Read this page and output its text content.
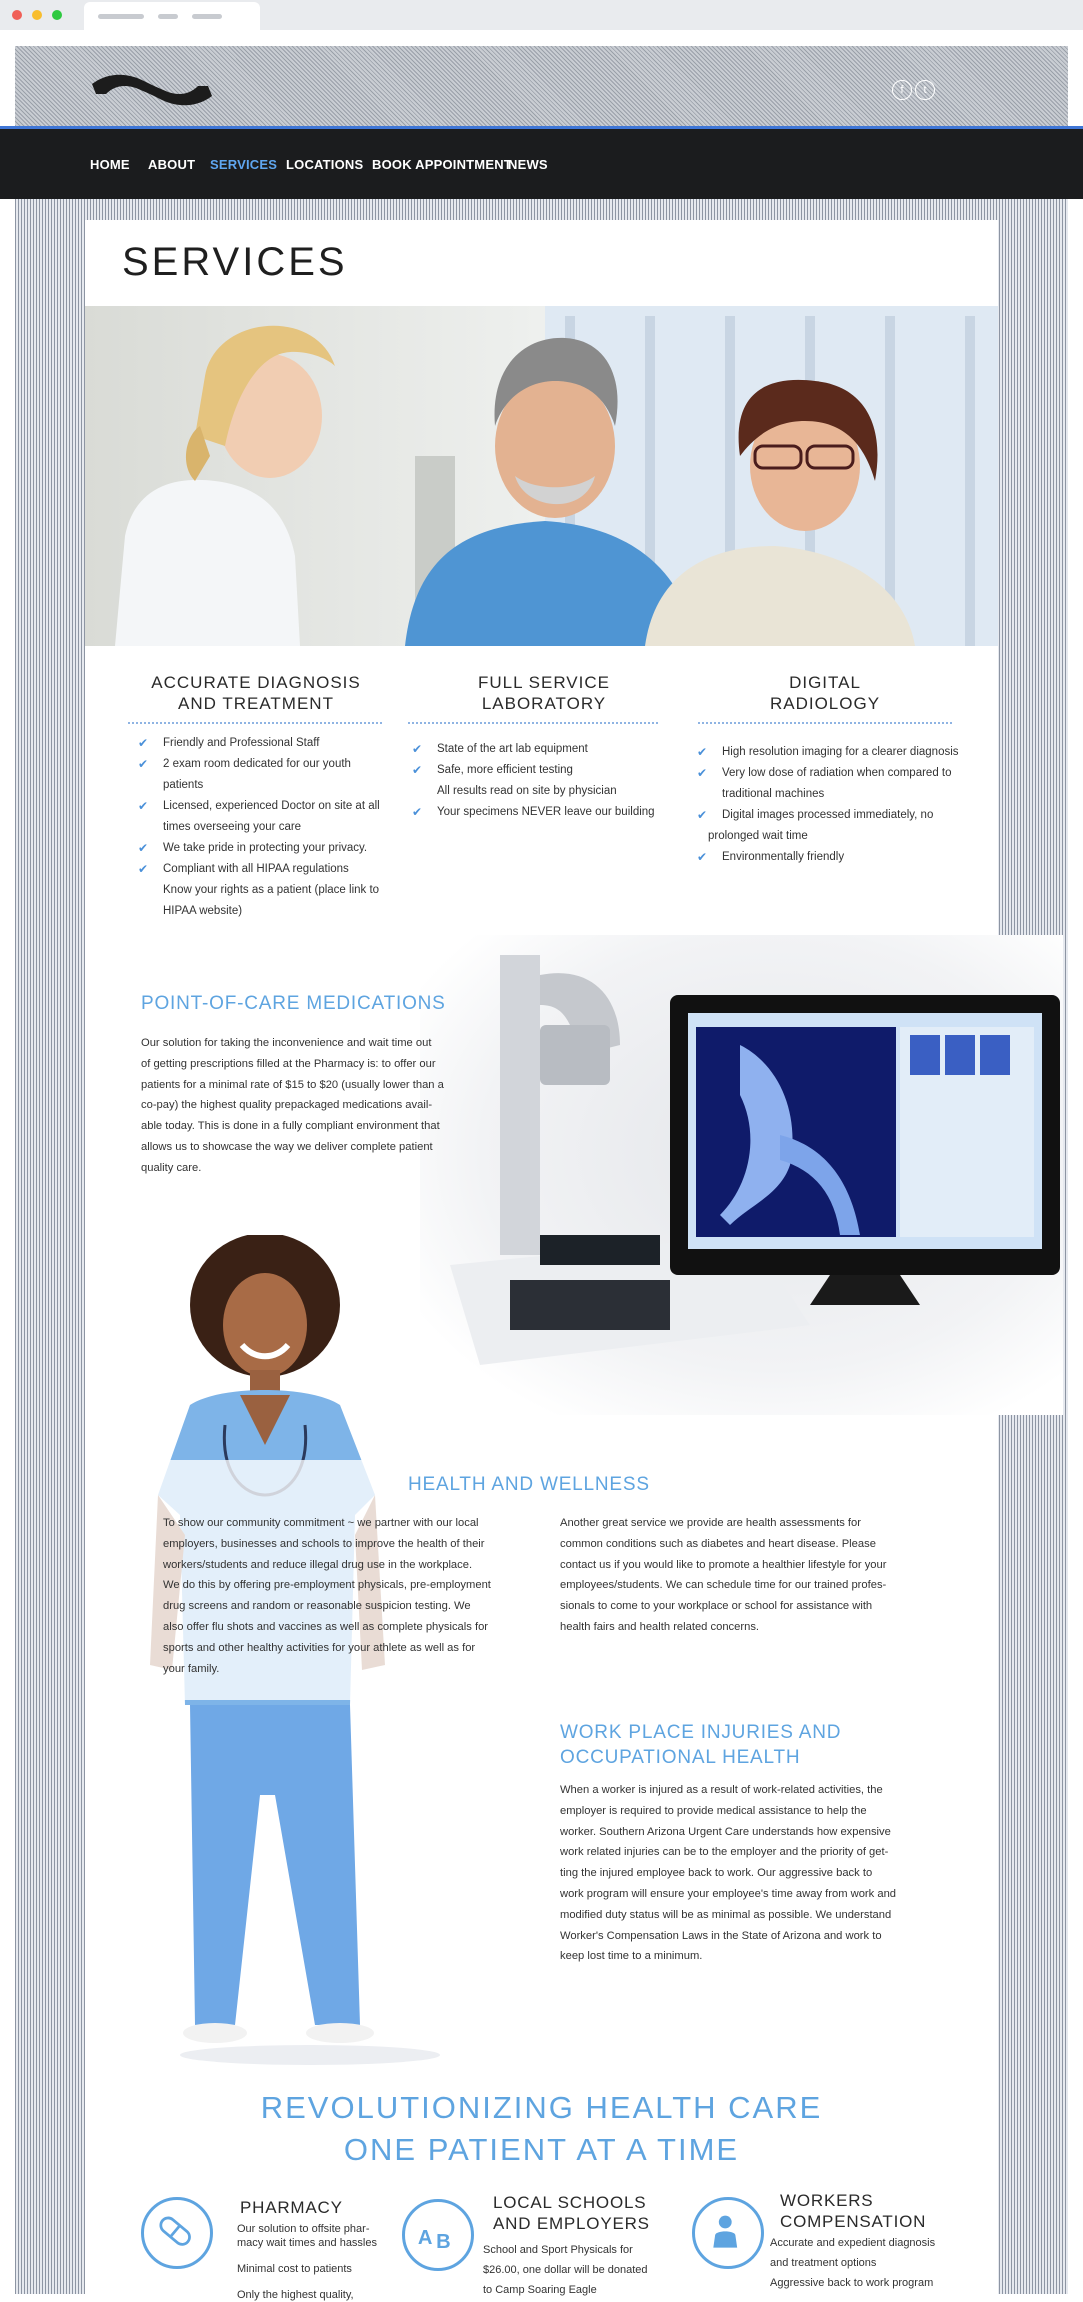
f	t
HOME ABOUT SERVICES LOCATIONS BOOK APPOINTMENT
NEWS
SERVICES
ACCURATE DIAGNOSIS
AND TREATMENT
FULL SERVICE
LABORATORY
DIGITAL
RADIOLOGY
✔ Friendly and Professional Staff
✔ 2 exam room dedicated for our youth
patients
✔ Licensed, experienced Doctor on site at all
times overseeing your care
✔ We take pride in protecting your privacy.
✔ Compliant with all HIPAA regulations
Know your rights as a patient (place link to
HIPAA website)
✔ State of the art lab equipment
✔ Safe, more efficient testing
All results read on site by physician
✔ Your specimens NEVER leave our building
✔ High resolution imaging for a clearer diagnosis
✔ Very low dose of radiation when compared to
traditional machines
✔ Digital images processed immediately, no
prolonged wait time
✔ Environmentally friendly
POINT-OF-CARE MEDICATIONS
Our solution for taking the inconvenience and wait time out
of getting prescriptions filled at the Pharmacy is: to offer our
patients for a minimal rate of $15 to $20 (usually lower than a
co-pay) the highest quality prepackaged medications avail-
able today. This is done in a fully compliant environment that
allows us to showcase the way we deliver complete patient
quality care.
HEALTH AND WELLNESS
To show our community commitment ~ we partner with our local
employers, businesses and schools to improve the health of their
workers/students and reduce illegal drug use in the workplace.
We do this by offering pre-employment physicals, pre-employment
drug screens and random or reasonable suspicion testing. We
also offer flu shots and vaccines as well as complete physicals for
sports and other healthy activities for your athlete as well as for
your family.
Another great service we provide are health assessments for
common conditions such as diabetes and heart disease. Please
contact us if you would like to promote a healthier lifestyle for your
employees/students. We can schedule time for our trained profes-
sionals to come to your workplace or school for assistance with
health fairs and health related concerns.
WORK PLACE INJURIES AND
OCCUPATIONAL HEALTH
When a worker is injured as a result of work-related activities, the
employer is required to provide medical assistance to help the
worker. Southern Arizona Urgent Care understands how expensive
work related injuries can be to the employer and the priority of get-
ting the injured employee back to work. Our aggressive back to
work program will ensure your employee's time away from work and
modified duty status will be as minimal as possible. We understand
Worker's Compensation Laws in the State of Arizona and work to
keep lost time to a minimum.
REVOLUTIONIZING HEALTH CARE
ONE PATIENT AT A TIME
A B
PHARMACY
Our solution to offsite phar-
macy wait times and hassles
Minimal cost to patients
Only the highest quality,
LOCAL SCHOOLS
AND EMPLOYERS
School and Sport Physicals for
$26.00, one dollar will be donated
to Camp Soaring Eagle
WORKERS
COMPENSATION
Accurate and expedient diagnosis
and treatment options
Aggressive back to work program
